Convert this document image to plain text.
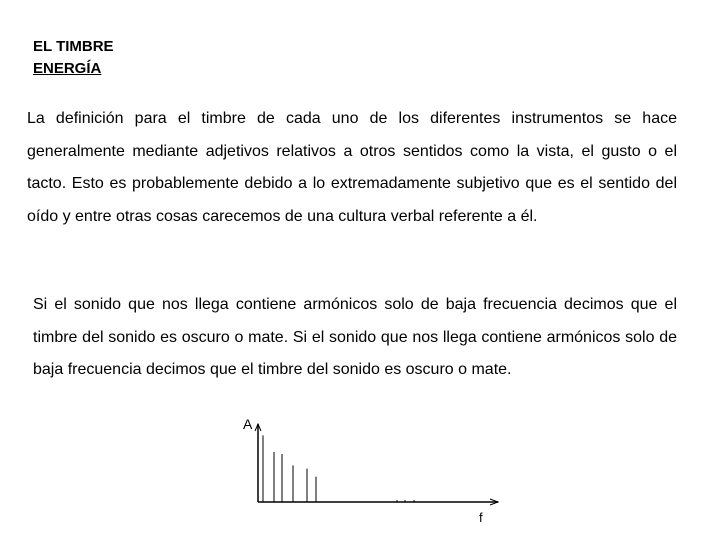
EL TIMBRE
ENERGÍA
La definición para el timbre de cada uno de los diferentes instrumentos se hace generalmente mediante adjetivos relativos a otros sentidos como la vista, el gusto o el tacto. Esto es probablemente debido a lo extremadamente subjetivo que es el sentido del oído y entre otras cosas carecemos de una cultura verbal referente a él.
Si el sonido que nos llega contiene armónicos solo de baja frecuencia decimos que el timbre del sonido es oscuro o mate. Si el sonido que nos llega contiene armónicos solo de baja frecuencia decimos que el timbre del sonido es oscuro o mate.
A
f
